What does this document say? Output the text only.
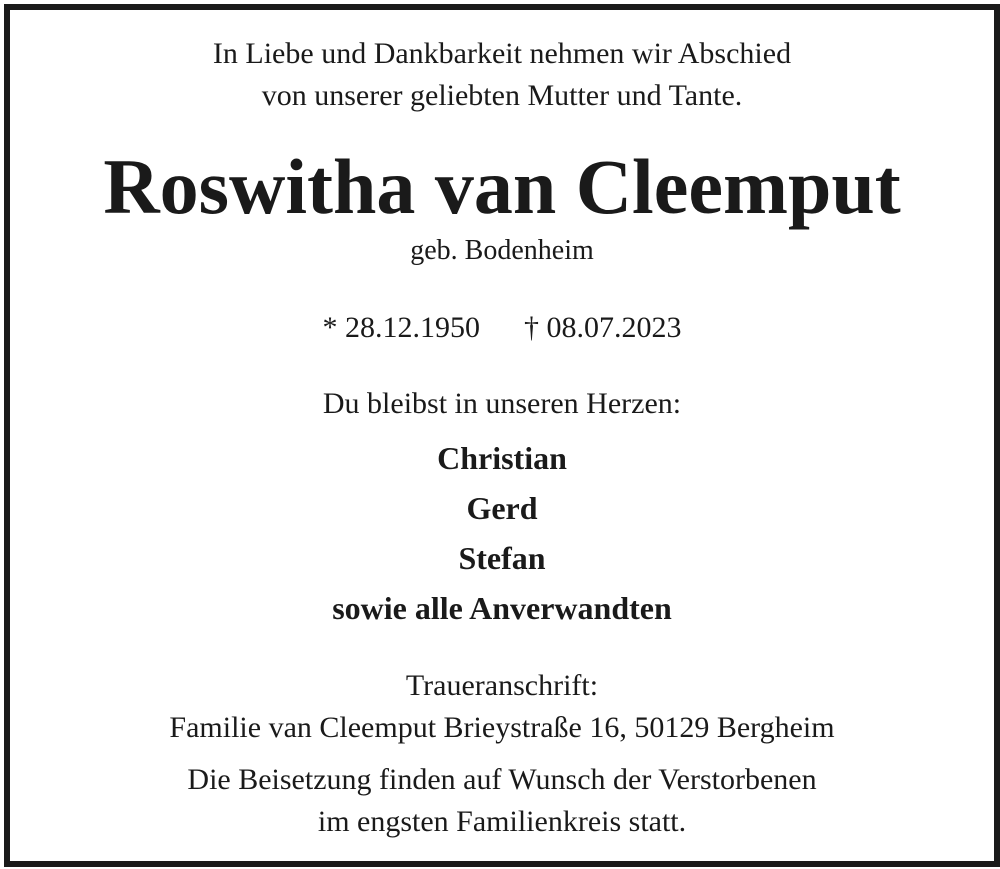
In Liebe und Dankbarkeit nehmen wir Abschied
von unserer geliebten Mutter und Tante.
Roswitha van Cleemput
geb. Bodenheim
* 28.12.1950 † 08.07.2023
Du bleibst in unseren Herzen:
Christian
Gerd
Stefan
sowie alle Anverwandten
Traueranschrift:
Familie van Cleemput Brieystraße 16, 50129 Bergheim
Die Beisetzung finden auf Wunsch der Verstorbenen
im engsten Familienkreis statt.
